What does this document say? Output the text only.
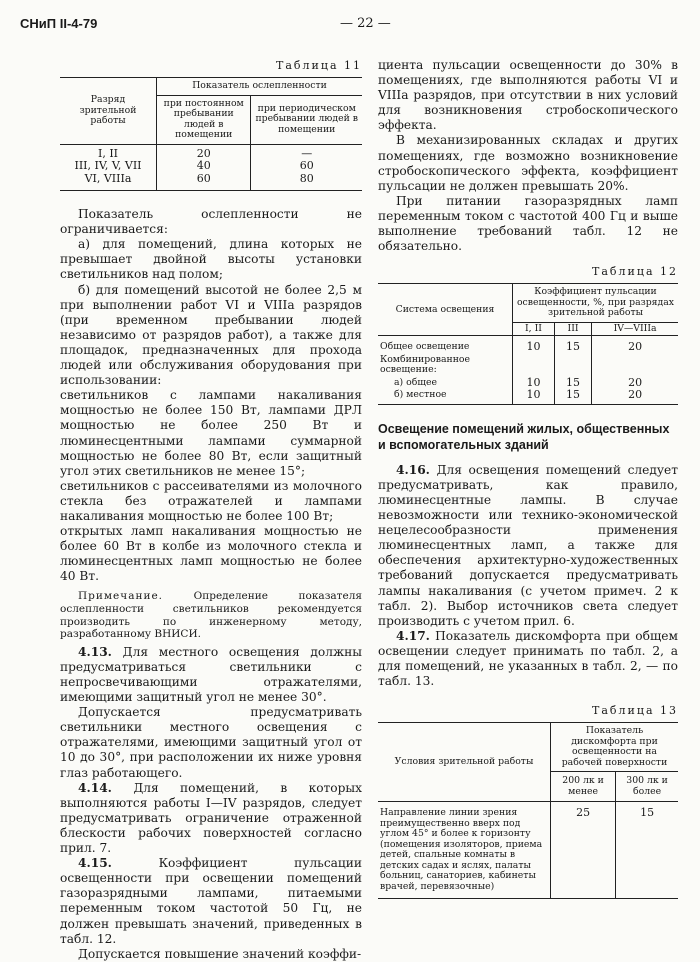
СНиП II-4-79	— 22 —
Таблица 11
Разряд зрительной работы	Показатель ослепленности	
	при постоянном пребывании людей в помещении	при периодическом пребывании людей в помещении
I, II	20	—
III, IV, V, VII	40	60
VI, VIIIa	60	80

Показатель ослепленности не ограничивается:

а) для помещений, длина которых не превышает двойной высоты установки светильников над полом;

б) для помещений высотой не более 2,5 м при выполнении работ VI и VIIIa разрядов (при временном пребывании людей независимо от разрядов работ), а также для площадок, предназначенных для прохода людей или обслуживания оборудования при использовании:

светильников с лампами накаливания мощностью не более 150 Вт, лампами ДРЛ мощностью не более 250 Вт и люминесцентными лампами суммарной мощностью не более 80 Вт, если защитный угол этих светильников не менее 15°;

светильников с рассеивателями из молочного стекла без отражателей и лампами накаливания мощностью не более 100 Вт;

открытых ламп накаливания мощностью не более 60 Вт в колбе из молочного стекла и люминесцентных ламп мощностью не более 40 Вт.

Примечание. Определение показателя ослепленности светильников рекомендуется производить по инженерному методу, разработанному ВНИСИ.

4.13. Для местного освещения должны предусматриваться светильники с непросвечивающими отражателями, имеющими защитный угол не менее 30°.

Допускается предусматривать светильники местного освещения с отражателями, имеющими защитный угол от 10 до 30°, при расположении их ниже уровня глаз работающего.

4.14. Для помещений, в которых выполняются работы I—IV разрядов, следует предусматривать ограничение отраженной блескости рабочих поверхностей согласно прил. 7.

4.15. Коэффициент пульсации освещенности при освещении помещений газоразрядными лампами, питаемыми переменным током частотой 50 Гц, не должен превышать значений, приведенных в табл. 12.

Допускается повышение значений коэффи-

циента пульсации освещенности до 30% в помещениях, где выполняются работы VI и VIIIa разрядов, при отсутствии в них условий для возникновения стробоскопического эффекта.

В механизированных складах и других помещениях, где возможно возникновение стробоскопического эффекта, коэффициент пульсации не должен превышать 20%.

При питании газоразрядных ламп переменным током с частотой 400 Гц и выше выполнение требований табл. 12 не обязательно.

Таблица 12
Система освещения	Коэффициент пульсации освещенности, %, при разрядах зрительной работы		
	I, II	III	IV—VIIIa
Общее освещение	10	15	20
Комбинированное освещение:			
а) общее	10	15	20
б) местное	10	15	20
Освещение помещений жилых, общественных и вспомогательных зданий

4.16. Для освещения помещений следует предусматривать, как правило, люминесцентные лампы. В случае невозможности или технико-экономической нецелесообразности применения люминесцентных ламп, а также для обеспечения архитектурно-художественных требований допускается предусматривать лампы накаливания (с учетом примеч. 2 к табл. 2). Выбор источников света следует производить с учетом прил. 6.

4.17. Показатель дискомфорта при общем освещении следует принимать по табл. 2, а для помещений, не указанных в табл. 2, — по табл. 13.

Таблица 13
Условия зрительной работы	Показатель дискомфорта при освещенности на рабочей поверхности	
	200 лк и менее	300 лк и более
Направление линии зрения преимущественно вверх под углом 45° и более к горизонту (помещения изоляторов, приема детей, спальные комнаты в детских садах и яслях, палаты больниц, санаториев, кабинеты врачей, перевязочные)	25	15
